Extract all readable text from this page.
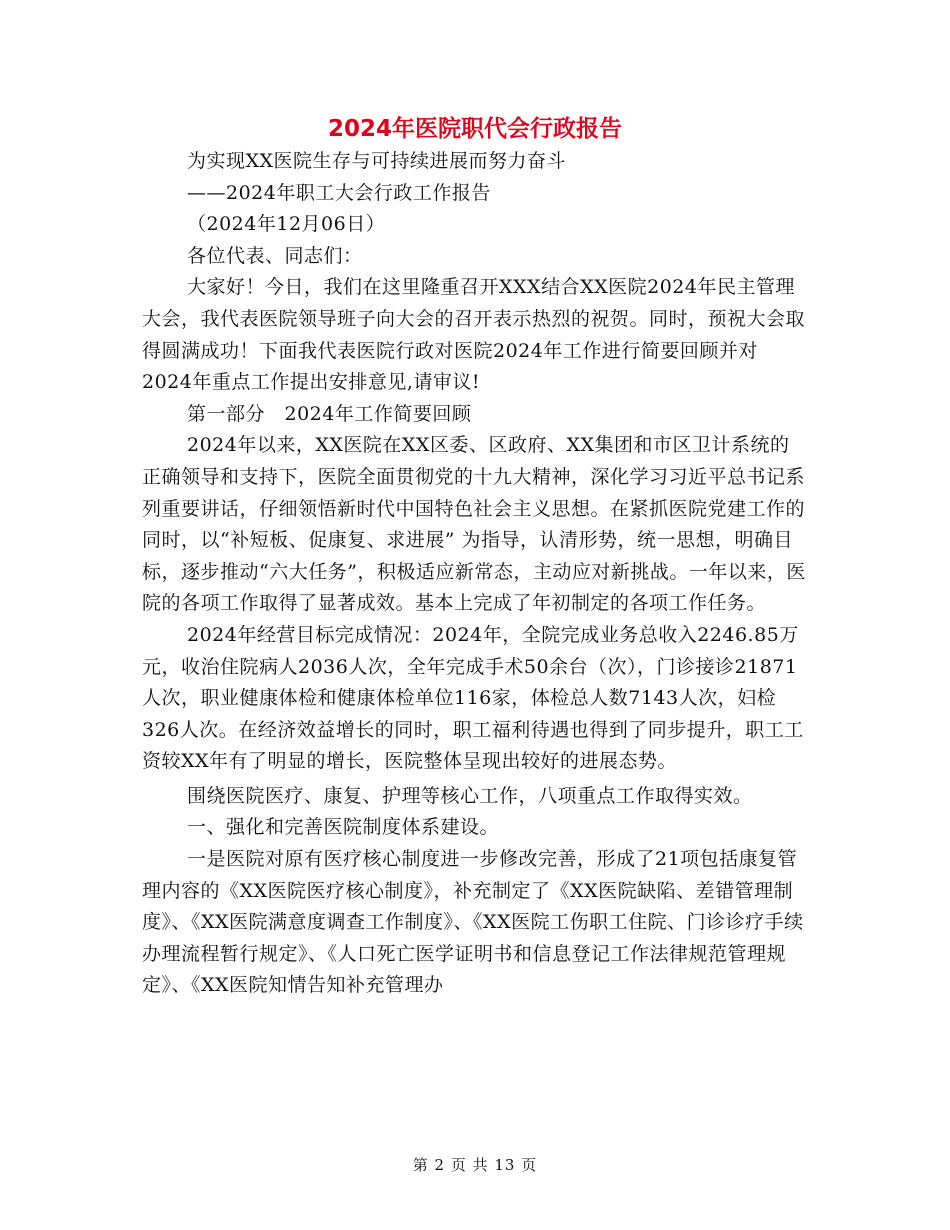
2024年医院职代会行政报告

为实现XX医院生存与可持续进展而努力奋斗

——2024年职工大会行政工作报告

（2024年12月06日）

各位代表、同志们：

大家好！今日，我们在这里隆重召开XXX结合XX医院2024年民主管理大会，我代表医院领导班子向大会的召开表示热烈的祝贺。同时，预祝大会取得圆满成功！下面我代表医院行政对医院2024年工作进行简要回顾并对2024年重点工作提出安排意见,请审议!

第一部分　2024年工作简要回顾

2024年以来，XX医院在XX区委、区政府、XX集团和市区卫计系统的正确领导和支持下，医院全面贯彻党的十九大精神，深化学习习近平总书记系列重要讲话，仔细领悟新时代中国特色社会主义思想。在紧抓医院党建工作的同时，以“补短板、促康复、求进展” 为指导，认清形势，统一思想，明确目标，逐步推动“六大任务”，积极适应新常态，主动应对新挑战。一年以来，医院的各项工作取得了显著成效。基本上完成了年初制定的各项工作任务。

2024年经营目标完成情况：2024年，全院完成业务总收入2246.85万元，收治住院病人2036人次，全年完成手术50余台（次），门诊接诊21871人次，职业健康体检和健康体检单位116家，体检总人数7143人次，妇检326人次。在经济效益增长的同时，职工福利待遇也得到了同步提升，职工工资较XX年有了明显的增长，医院整体呈现出较好的进展态势。

围绕医院医疗、康复、护理等核心工作，八项重点工作取得实效。

一、强化和完善医院制度体系建设。

一是医院对原有医疗核心制度进一步修改完善，形成了21项包括康复管理内容的《XX医院医疗核心制度》，补充制定了《XX医院缺陷、差错管理制度》、《XX医院满意度调查工作制度》、《XX医院工伤职工住院、门诊诊疗手续办理流程暂行规定》、《人口死亡医学证明书和信息登记工作法律规范管理规定》、《XX医院知情告知补充管理办

第 2 页 共 13 页
